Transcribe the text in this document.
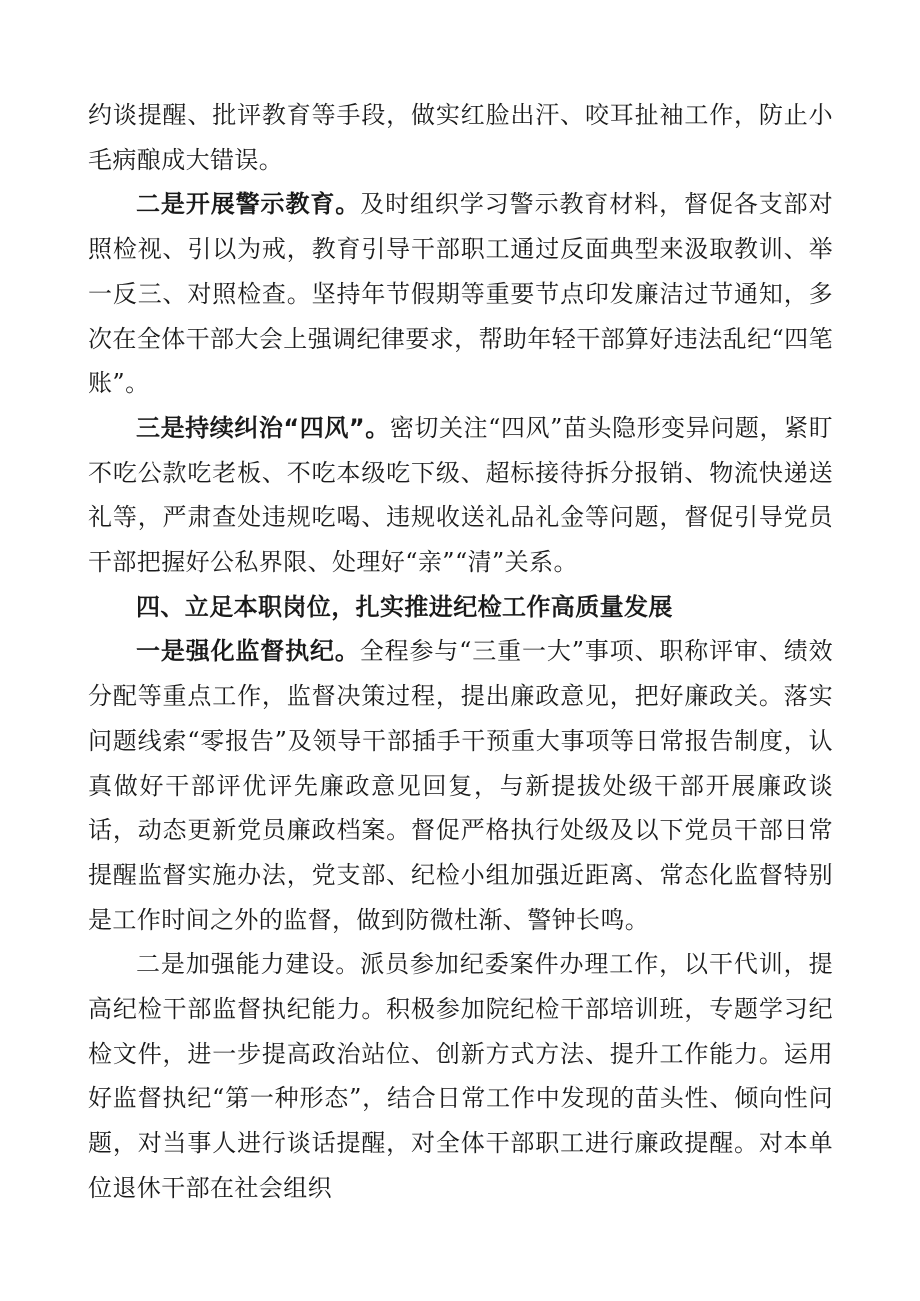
约谈提醒、批评教育等手段，做实红脸出汗、咬耳扯袖工作，防止小毛病酿成大错误。

二是开展警示教育。及时组织学习警示教育材料，督促各支部对照检视、引以为戒，教育引导干部职工通过反面典型来汲取教训、举一反三、对照检查。坚持年节假期等重要节点印发廉洁过节通知，多次在全体干部大会上强调纪律要求，帮助年轻干部算好违法乱纪“四笔账”。

三是持续纠治“四风”。密切关注“四风”苗头隐形变异问题，紧盯不吃公款吃老板、不吃本级吃下级、超标接待拆分报销、物流快递送礼等，严肃查处违规吃喝、违规收送礼品礼金等问题，督促引导党员干部把握好公私界限、处理好“亲”“清”关系。

四、立足本职岗位，扎实推进纪检工作高质量发展

一是强化监督执纪。全程参与“三重一大”事项、职称评审、绩效分配等重点工作，监督决策过程，提出廉政意见，把好廉政关。落实问题线索“零报告”及领导干部插手干预重大事项等日常报告制度，认真做好干部评优评先廉政意见回复，与新提拔处级干部开展廉政谈话，动态更新党员廉政档案。督促严格执行处级及以下党员干部日常提醒监督实施办法，党支部、纪检小组加强近距离、常态化监督特别是工作时间之外的监督，做到防微杜渐、警钟长鸣。

二是加强能力建设。派员参加纪委案件办理工作，以干代训，提高纪检干部监督执纪能力。积极参加院纪检干部培训班，专题学习纪检文件，进一步提高政治站位、创新方式方法、提升工作能力。运用好监督执纪“第一种形态”，结合日常工作中发现的苗头性、倾向性问题，对当事人进行谈话提醒，对全体干部职工进行廉政提醒。对本单位退休干部在社会组织
